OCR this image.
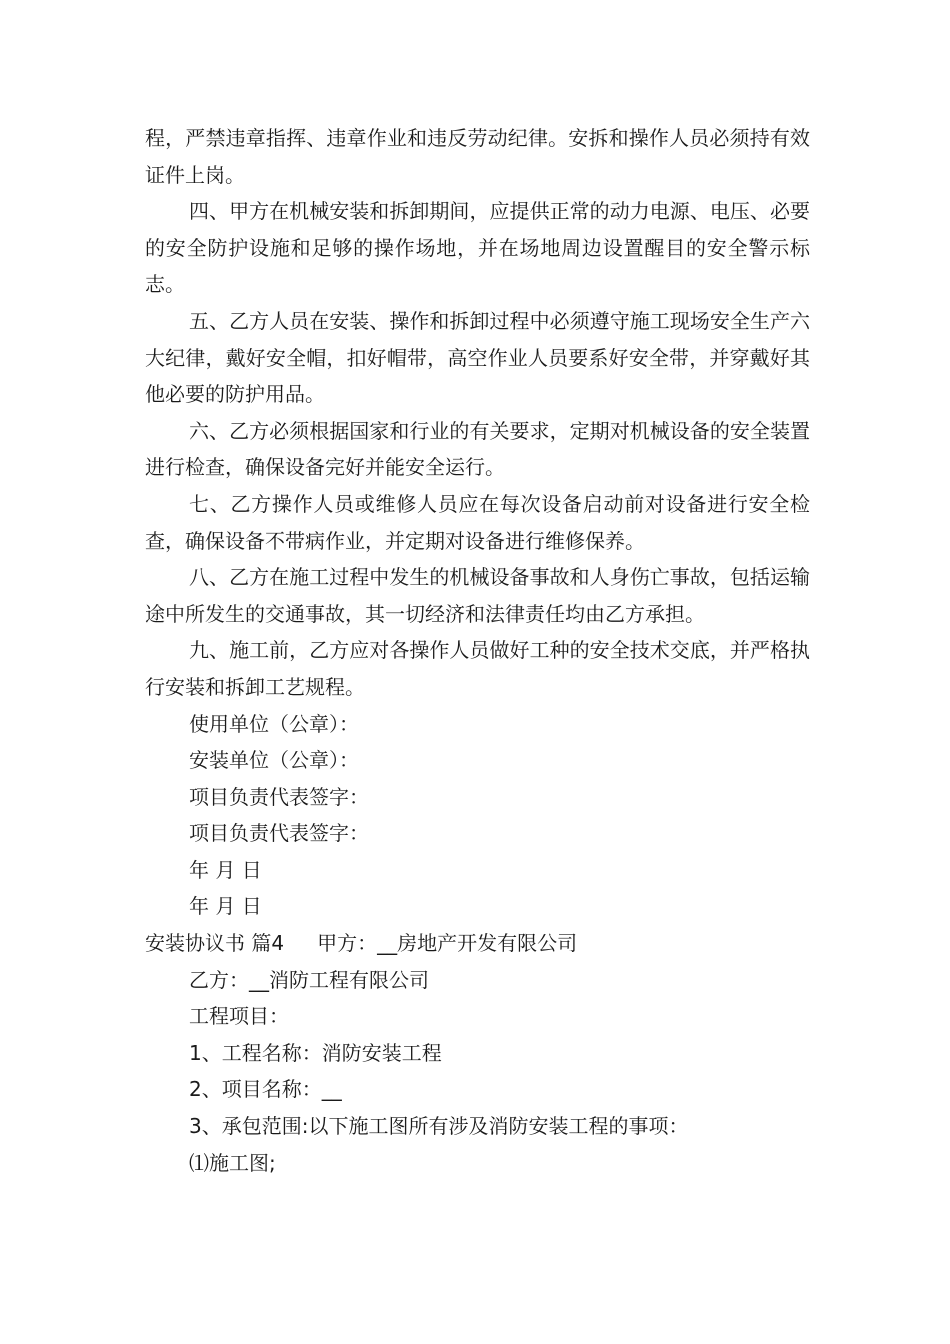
程，严禁违章指挥、违章作业和违反劳动纪律。安拆和操作人员必须持有效证件上岗。

四、甲方在机械安装和拆卸期间，应提供正常的动力电源、电压、必要的安全防护设施和足够的操作场地，并在场地周边设置醒目的安全警示标志。

五、乙方人员在安装、操作和拆卸过程中必须遵守施工现场安全生产六大纪律，戴好安全帽，扣好帽带，高空作业人员要系好安全带，并穿戴好其他必要的防护用品。

六、乙方必须根据国家和行业的有关要求，定期对机械设备的安全装置进行检查，确保设备完好并能安全运行。

七、乙方操作人员或维修人员应在每次设备启动前对设备进行安全检查，确保设备不带病作业，并定期对设备进行维修保养。

八、乙方在施工过程中发生的机械设备事故和人身伤亡事故，包括运输途中所发生的交通事故，其一切经济和法律责任均由乙方承担。

九、施工前，乙方应对各操作人员做好工种的安全技术交底，并严格执行安装和拆卸工艺规程。

使用单位（公章）：
安装单位（公章）：
项目负责代表签字：
项目负责代表签字：
年 月 日
年 月 日
安装协议书 篇4 甲方：__房地产开发有限公司
乙方：__消防工程有限公司
工程项目：
1、工程名称：消防安装工程
2、项目名称：__
3、承包范围:以下施工图所有涉及消防安装工程的事项：
⑴施工图;
